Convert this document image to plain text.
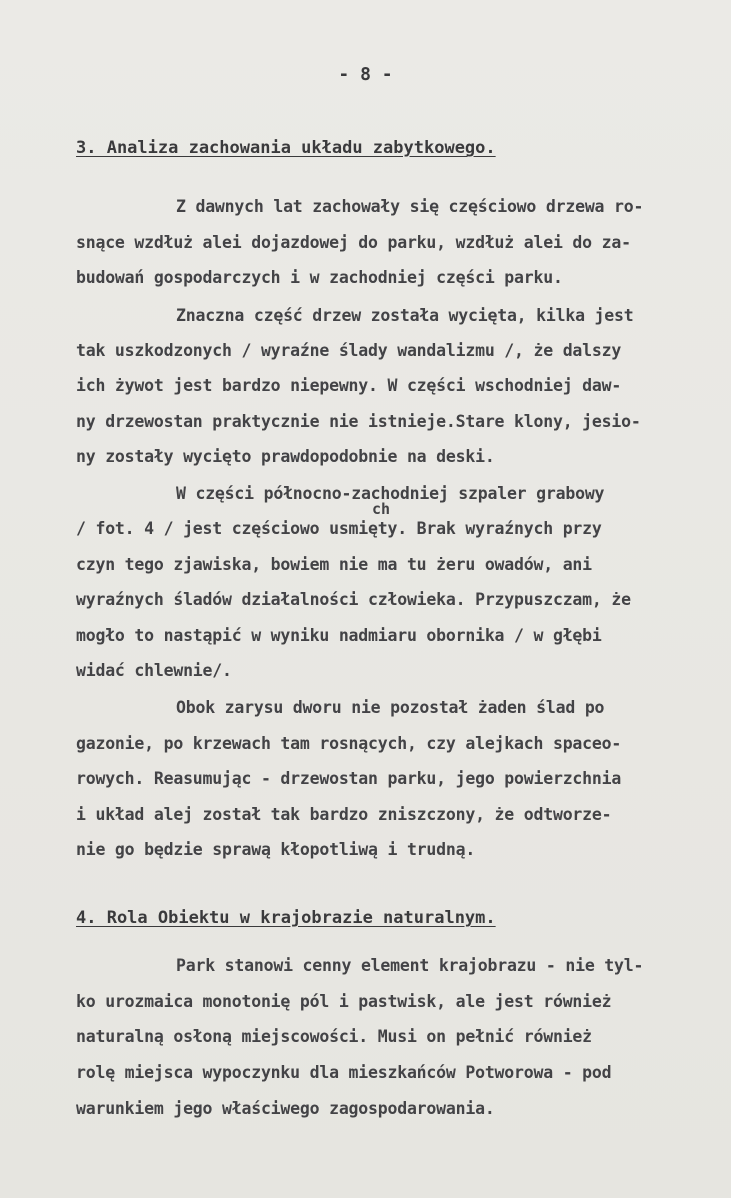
- 8 -
3. Analiza zachowania układu zabytkowego.
Z dawnych lat zachowały się częściowo drzewa ro-
snące wzdłuż alei dojazdowej do parku, wzdłuż alei do za-
budowań gospodarczych i w zachodniej części parku.
Znaczna część drzew została wycięta, kilka jest
tak uszkodzonych / wyraźne ślady wandalizmu /, że dalszy
ich żywot jest bardzo niepewny. W części wschodniej daw-
ny drzewostan praktycznie nie istnieje.Stare klony, jesio-
ny zostały wycięto prawdopodobnie na deski.
W części północno-zachodniej szpaler grabowy
ch
/ fot. 4 / jest częściowo usmięty. Brak wyraźnych przy
czyn tego zjawiska, bowiem nie ma tu żeru owadów, ani
wyraźnych śladów działalności człowieka. Przypuszczam, że
mogło to nastąpić w wyniku nadmiaru obornika / w głębi
widać chlewnie/.
Obok zarysu dworu nie pozostał żaden ślad po
gazonie, po krzewach tam rosnących, czy alejkach spaceo-
rowych. Reasumując - drzewostan parku, jego powierzchnia
i układ alej został tak bardzo zniszczony, że odtworze-
nie go będzie sprawą kłopotliwą i trudną.
4. Rola Obiektu w krajobrazie naturalnym.
Park stanowi cenny element krajobrazu - nie tyl-
ko urozmaica monotonię pól i pastwisk, ale jest również
naturalną osłoną miejscowości. Musi on pełnić również
rolę miejsca wypoczynku dla mieszkańców Potworowa - pod
warunkiem jego właściwego zagospodarowania.
